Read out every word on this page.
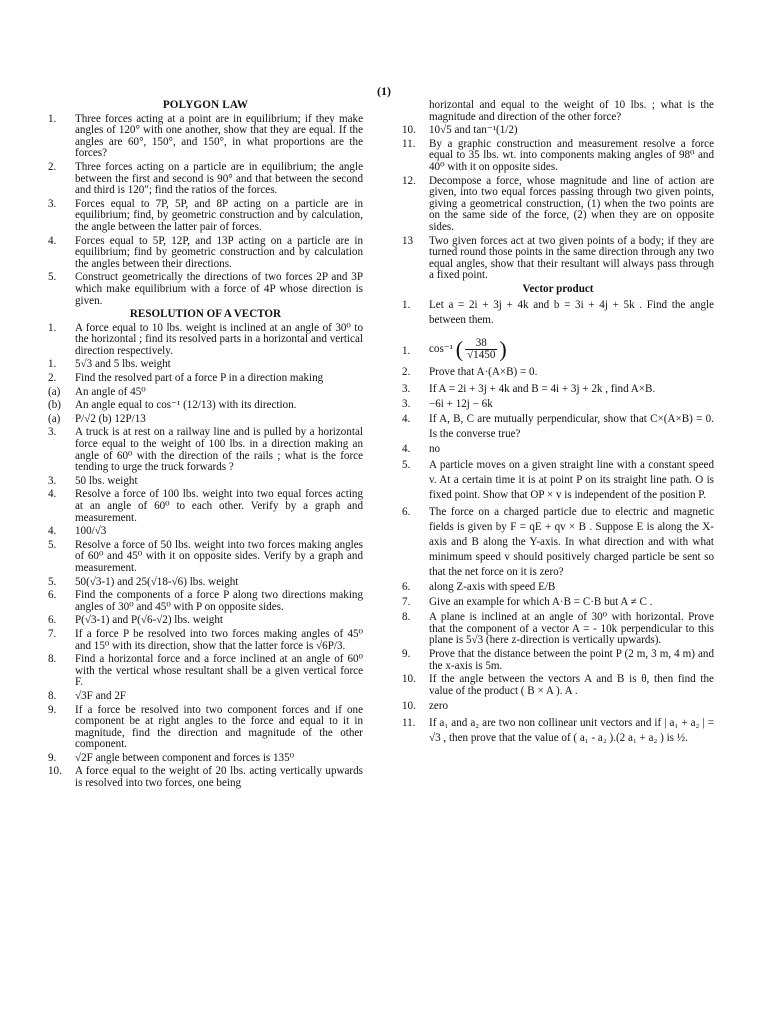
(1)
POLYGON LAW
1. Three forces acting at a point are in equilibrium; if they make angles of 120° with one another, show that they are equal. If the angles are 60°, 150°, and 150°, in what proportions are the forces?
2. Three forces acting on a particle are in equilibrium; the angle between the first and second is 90° and that between the second and third is 120"; find the ratios of the forces.
3. Forces equal to 7P, 5P, and 8P acting on a particle are in equilibrium; find, by geometric construction and by calculation, the angle between the latter pair of forces.
4. Forces equal to 5P, 12P, and 13P acting on a particle are in equilibrium; find by geometric construction and by calculation the angles between their directions.
5. Construct geometrically the directions of two forces 2P and 3P which make equilibrium with a force of 4P whose direction is given.
RESOLUTION OF A VECTOR
1. A force equal to 10 lbs. weight is inclined at an angle of 30⁰ to the horizontal ; find its resolved parts in a horizontal and vertical direction respectively.
1. 5√3 and 5 lbs. weight
2. Find the resolved part of a force P in a direction making
(a) An angle of 45⁰
(b) An angle equal to cos⁻¹ (12/13) with its direction.
(a) P/√2 (b) 12P/13
3. A truck is at rest on a railway line and is pulled by a horizontal force equal to the weight of 100 lbs. in a direction making an angle of 60⁰ with the direction of the rails ; what is the force tending to urge the truck forwards ?
3. 50 lbs. weight
4. Resolve a force of 100 lbs. weight into two equal forces acting at an angle of 60⁰ to each other. Verify by a graph and measurement.
4. 100/√3
5. Resolve a force of 50 lbs. weight into two forces making angles of 60⁰ and 45⁰ with it on opposite sides. Verify by a graph and measurement.
5. 50(√3-1) and 25(√18-√6) lbs. weight
6. Find the components of a force P along two directions making angles of 30⁰ and 45⁰ with P on opposite sides.
6. P(√3-1) and P(√6-√2) lbs. weight
7. If a force P be resolved into two forces making angles of 45⁰ and 15⁰ with its direction, show that the latter force is √6P/3.
8. Find a horizontal force and a force inclined at an angle of 60⁰ with the vertical whose resultant shall be a given vertical force F.
8. √3F and 2F
9. If a force be resolved into two component forces and if one component be at right angles to the force and equal to it in magnitude, find the direction and magnitude of the other component.
9. √2F angle between component and forces is 135⁰
10. A force equal to the weight of 20 lbs. acting vertically upwards is resolved into two forces, one being
horizontal and equal to the weight of 10 lbs. ; what is the magnitude and direction of the other force?
10. 10√5 and tan⁻¹(1/2)
11. By a graphic construction and measurement resolve a force equal to 35 lbs. wt. into components making angles of 98⁰ and 40⁰ with it on opposite sides.
12. Decompose a force, whose magnitude and line of action are given, into two equal forces passing through two given points, giving a geometrical construction, (1) when the two points are on the same side of the force, (2) when they are on opposite sides.
13 Two given forces act at two given points of a body; if they are turned round those points in the same direction through any two equal angles, show that their resultant will always pass through a fixed point.
Vector product
1. Let a = 2i + 3j + 4k and b = 3i + 4j + 5k . Find the angle between them.
1. cos⁻¹ ( $\frac{38}{√1450}$ )
2. Prove that A·(A×B) = 0.
3. If A = 2i + 3j + 4k and B = 4i + 3j + 2k , find A×B.
3. −6i + 12j − 6k
4. If A, B, C are mutually perpendicular, show that C×(A×B) = 0. Is the converse true?
4. no
5. A particle moves on a given straight line with a constant speed v. At a certain time it is at point P on its straight line path. O is fixed point. Show that OP × v is independent of the position P.
6. The force on a charged particle due to electric and magnetic fields is given by F = qE + qv × B . Suppose E is along the X-axis and B along the Y-axis. In what direction and with what minimum speed v should positively charged particle be sent so that the net force on it is zero?
6. along Z-axis with speed E/B
7. Give an example for which A·B = C·B but A ≠ C .
8. A plane is inclined at an angle of 30⁰ with horizontal. Prove that the component of a vector A = - 10k perpendicular to this plane is 5√3 (here z-direction is vertically upwards).
9. Prove that the distance between the point P (2 m, 3 m, 4 m) and the x-axis is 5m.
10. If the angle between the vectors A and B is θ, then find the value of the product ( B × A ). A .
10. zero
11. If a₁ and a₂ are two non collinear unit vectors and if | a₁ + a₂ | = √3 , then prove that the value of ( a₁ - a₂ ).(2 a₁ + a₂ ) is ½.
